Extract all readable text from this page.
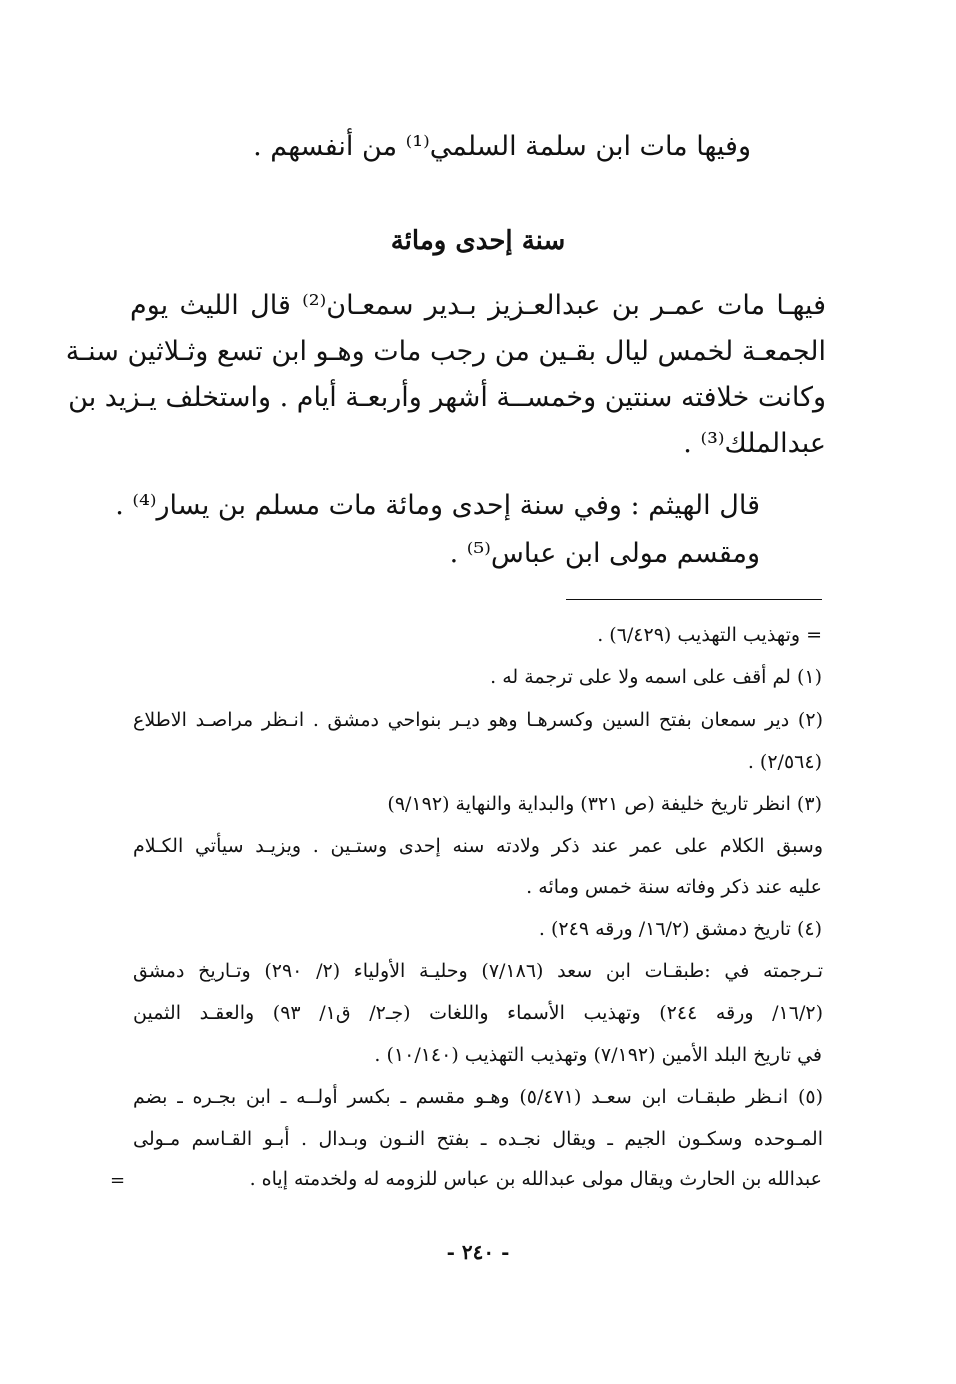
وفيها مات ابن سلمة السلمي⁽¹⁾ من أنفسهم .

سنة إحدى ومائة

فيهـا مات عمـر بن عبدالعـزيز بـدير سمعـان⁽²⁾ قال الليث يوم

الجمعـة لخمس ليال بقـين من رجب مات وهـو ابن تسع وثـلاثين سنـة

وكانت خلافته سنتين وخمســة أشهر وأربعـة أيام . واستخلف يـزيد بن

عبدالملك⁽³⁾ .

قال الهيثم : وفي سنة إحدى ومائة مات مسلم بن يسار⁽⁴⁾ .

ومقسم مولى ابن عباس⁽⁵⁾ .

= وتهذيب التهذيب (٦/٤٢٩) .

(١) لم أقف على اسمه ولا على ترجمة له .

(٢) دير سمعان بفتح السين وكسرهـا وهو ديـر بنواحي دمشق . انـظر مراصـد الاطلاع

(٢/٥٦٤) .

(٣) انظر تاريخ خليفة (ص ٣٢١) والبداية والنهاية (٩/١٩٢)

وسبق الكلام على عمر عند ذكر ولادته سنه إحدى وستـين . ويزيـد سيأتي الكـلام

عليه عند ذكر وفاته سنة خمس ومائه .

(٤) تاريخ دمشق (١٦/٢/ ورقه ٢٤٩) .

تـرجمته في :طبقـات ابن سعد (٧/١٨٦) وحليـة الأولياء (٢/ ٢٩٠) وتـاريخ دمشق

(١٦/٢/ ورقه ٢٤٤) وتهذيب الأسماء واللغات (جـ٢/ ق١/ ٩٣) والعقـد الثمين

في تاريخ البلد الأمين (٧/١٩٢) وتهذيب التهذيب (١٠/١٤٠) .

(٥) انـظر طبقـات ابن سعـد (٥/٤٧١) وهـو مقسم ـ بكسر أولــه ـ ابن بجـره ـ بضم

المـوحده وسكـون الجيم ـ ويقال نجـده ـ بفتح النـون وبـدال . أبـو القـاسم مـولى

عبدالله بن الحارث ويقال مولى عبدالله بن عباس للزومه له ولخدمته إياه .

=
- ٢٤٠ -
